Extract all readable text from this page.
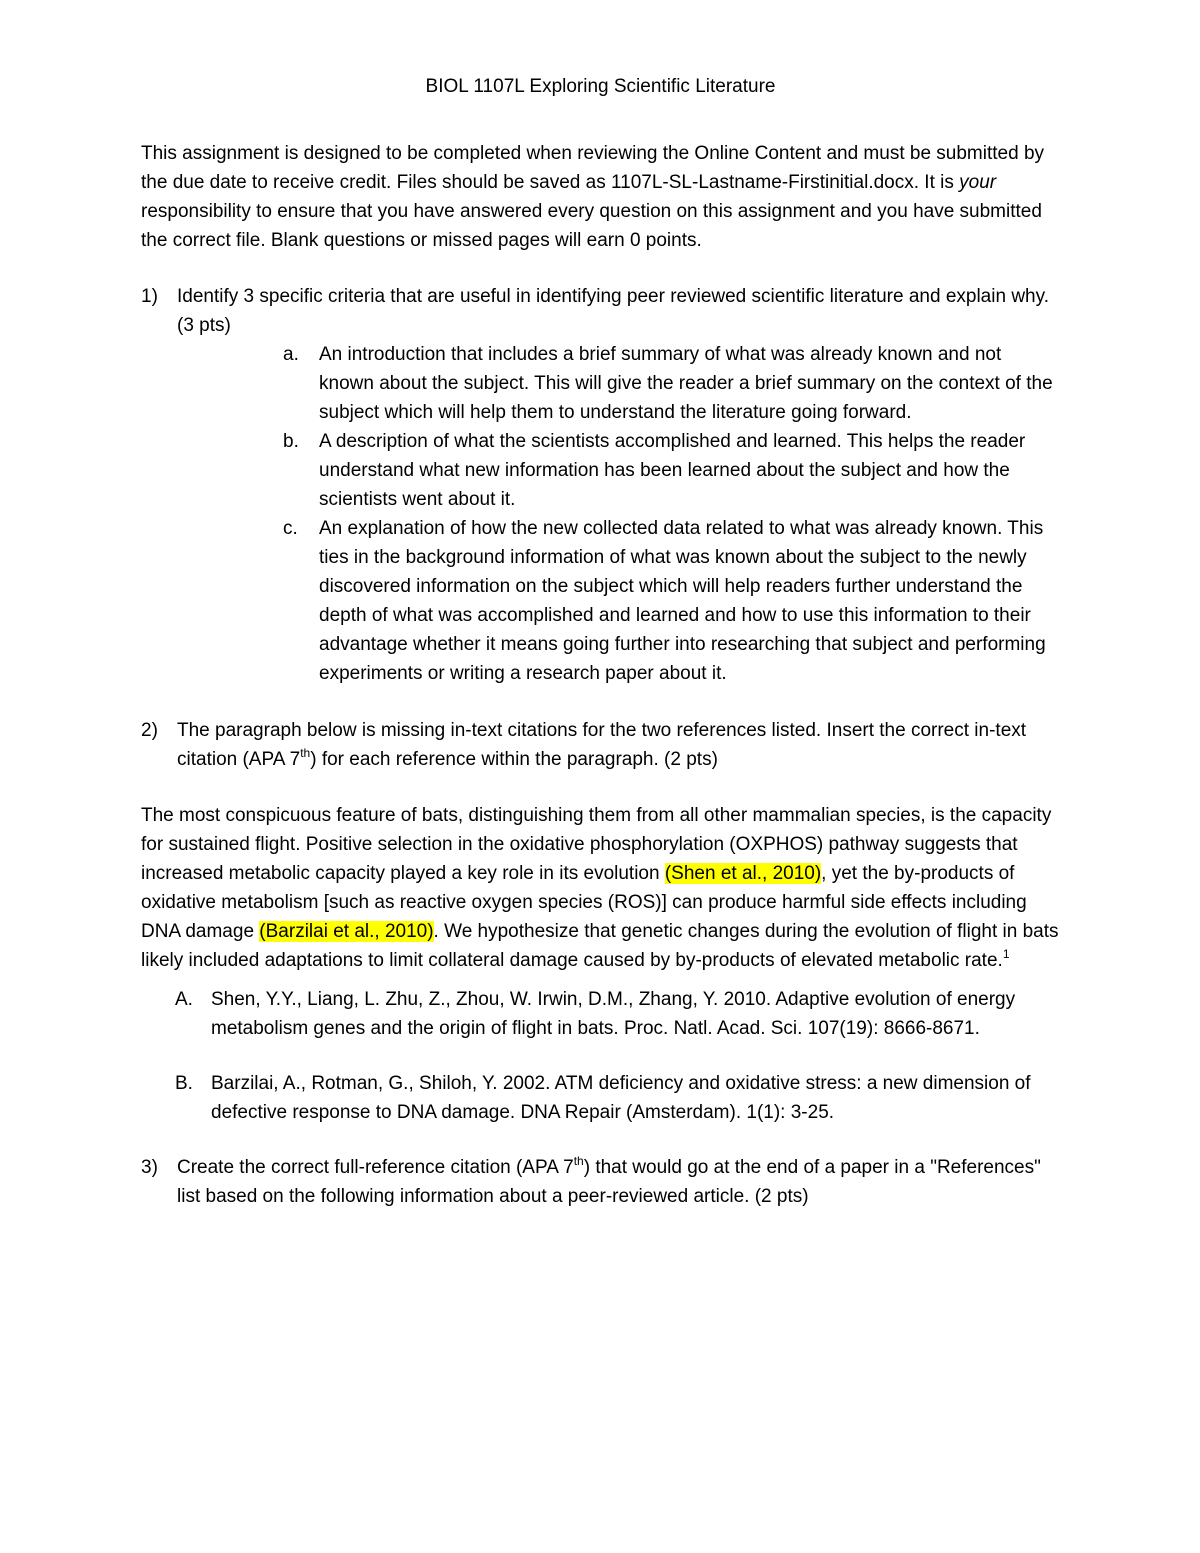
BIOL 1107L Exploring Scientific Literature

This assignment is designed to be completed when reviewing the Online Content and must be submitted by the due date to receive credit. Files should be saved as 1107L-SL-Lastname-Firstinitial.docx. It is your responsibility to ensure that you have answered every question on this assignment and you have submitted the correct file. Blank questions or missed pages will earn 0 points.

1)	Identify 3 specific criteria that are useful in identifying peer reviewed scientific literature and explain why. (3 pts)

a.	An introduction that includes a brief summary of what was already known and not known about the subject. This will give the reader a brief summary on the context of the subject which will help them to understand the literature going forward.
b.	A description of what the scientists accomplished and learned. This helps the reader understand what new information has been learned about the subject and how the scientists went about it.
c.	An explanation of how the new collected data related to what was already known. This ties in the background information of what was known about the subject to the newly discovered information on the subject which will help readers further understand the depth of what was accomplished and learned and how to use this information to their advantage whether it means going further into researching that subject and performing experiments or writing a research paper about it.
2)	The paragraph below is missing in-text citations for the two references listed. Insert the correct in-text citation (APA 7th) for each reference within the paragraph. (2 pts)

The most conspicuous feature of bats, distinguishing them from all other mammalian species, is the capacity for sustained flight. Positive selection in the oxidative phosphorylation (OXPHOS) pathway suggests that increased metabolic capacity played a key role in its evolution (Shen et al., 2010), yet the by-products of oxidative metabolism [such as reactive oxygen species (ROS)] can produce harmful side effects including DNA damage (Barzilai et al., 2010). We hypothesize that genetic changes during the evolution of flight in bats likely included adaptations to limit collateral damage caused by by-products of elevated metabolic rate.$^1$

A. Shen, Y.Y., Liang, L. Zhu, Z., Zhou, W. Irwin, D.M., Zhang, Y. 2010. Adaptive evolution of energy metabolism genes and the origin of flight in bats. Proc. Natl. Acad. Sci. 107(19): 8666-8671.
B. Barzilai, A., Rotman, G., Shiloh, Y. 2002. ATM deficiency and oxidative stress: a new dimension of defective response to DNA damage. DNA Repair (Amsterdam). 1(1): 3-25.
3)	Create the correct full-reference citation (APA 7th) that would go at the end of a paper in a "References" list based on the following information about a peer-reviewed article. (2 pts)
